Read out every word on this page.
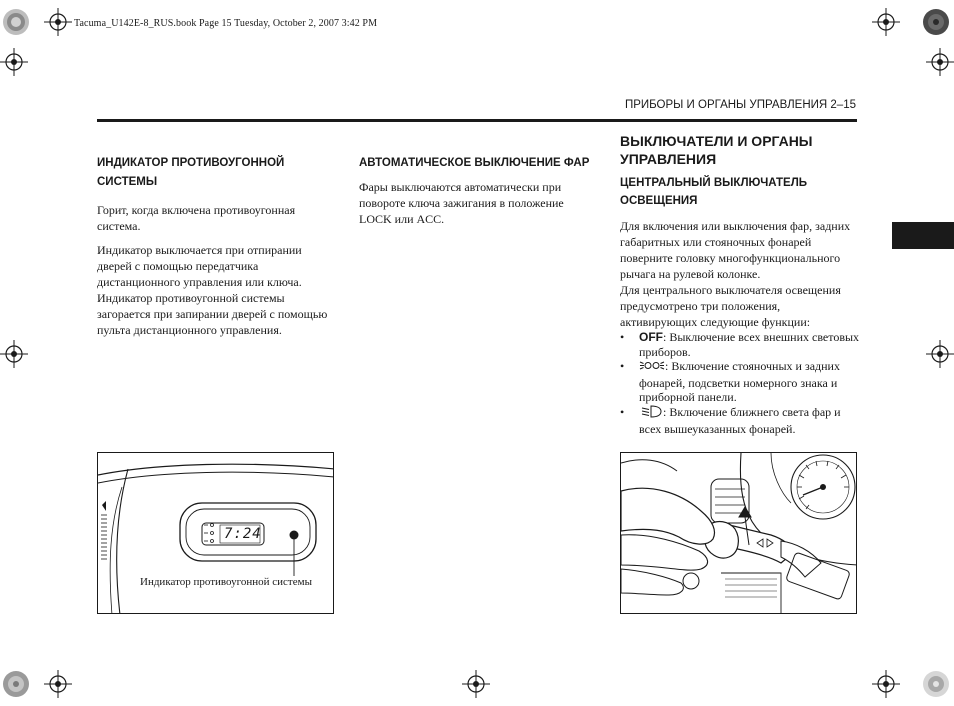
Tacuma_U142E-8_RUS.book Page 15 Tuesday, October 2, 2007 3:42 PM
ПРИБОРЫ И ОРГАНЫ УПРАВЛЕНИЯ 2–15
ИНДИКАТОР ПРОТИВОУГОННОЙ СИСТЕМЫ

Горит, когда включена противоугонная система.

Индикатор выключается при отпирании дверей с помощью передатчика дистанционного управления или ключа. Индикатор противоугонной системы загорается при запирании дверей с помощью пульта дистанционного управления.

АВТОМАТИЧЕСКОЕ ВЫКЛЮЧЕНИЕ ФАР

Фары выключаются автоматически при повороте ключа зажигания в положение LOCK или ACC.

ВЫКЛЮЧАТЕЛИ И ОРГАНЫ УПРАВЛЕНИЯ
ЦЕНТРАЛЬНЫЙ ВЫКЛЮЧАТЕЛЬ ОСВЕЩЕНИЯ

Для включения или выключения фар, задних габаритных или стояночных фонарей поверните головку многофункционального рычага на рулевой колонке.

Для центрального выключателя освещения предусмотрено три положения, активирующих следующие функции:

• OFF: Выключение всех внешних световых приборов.
• : Включение стояночных и задних фонарей, подсветки номерного знака и приборной панели.
• : Включение ближнего света фар и всех вышеуказанных фонарей.
7:24
Индикатор противоугонной системы
